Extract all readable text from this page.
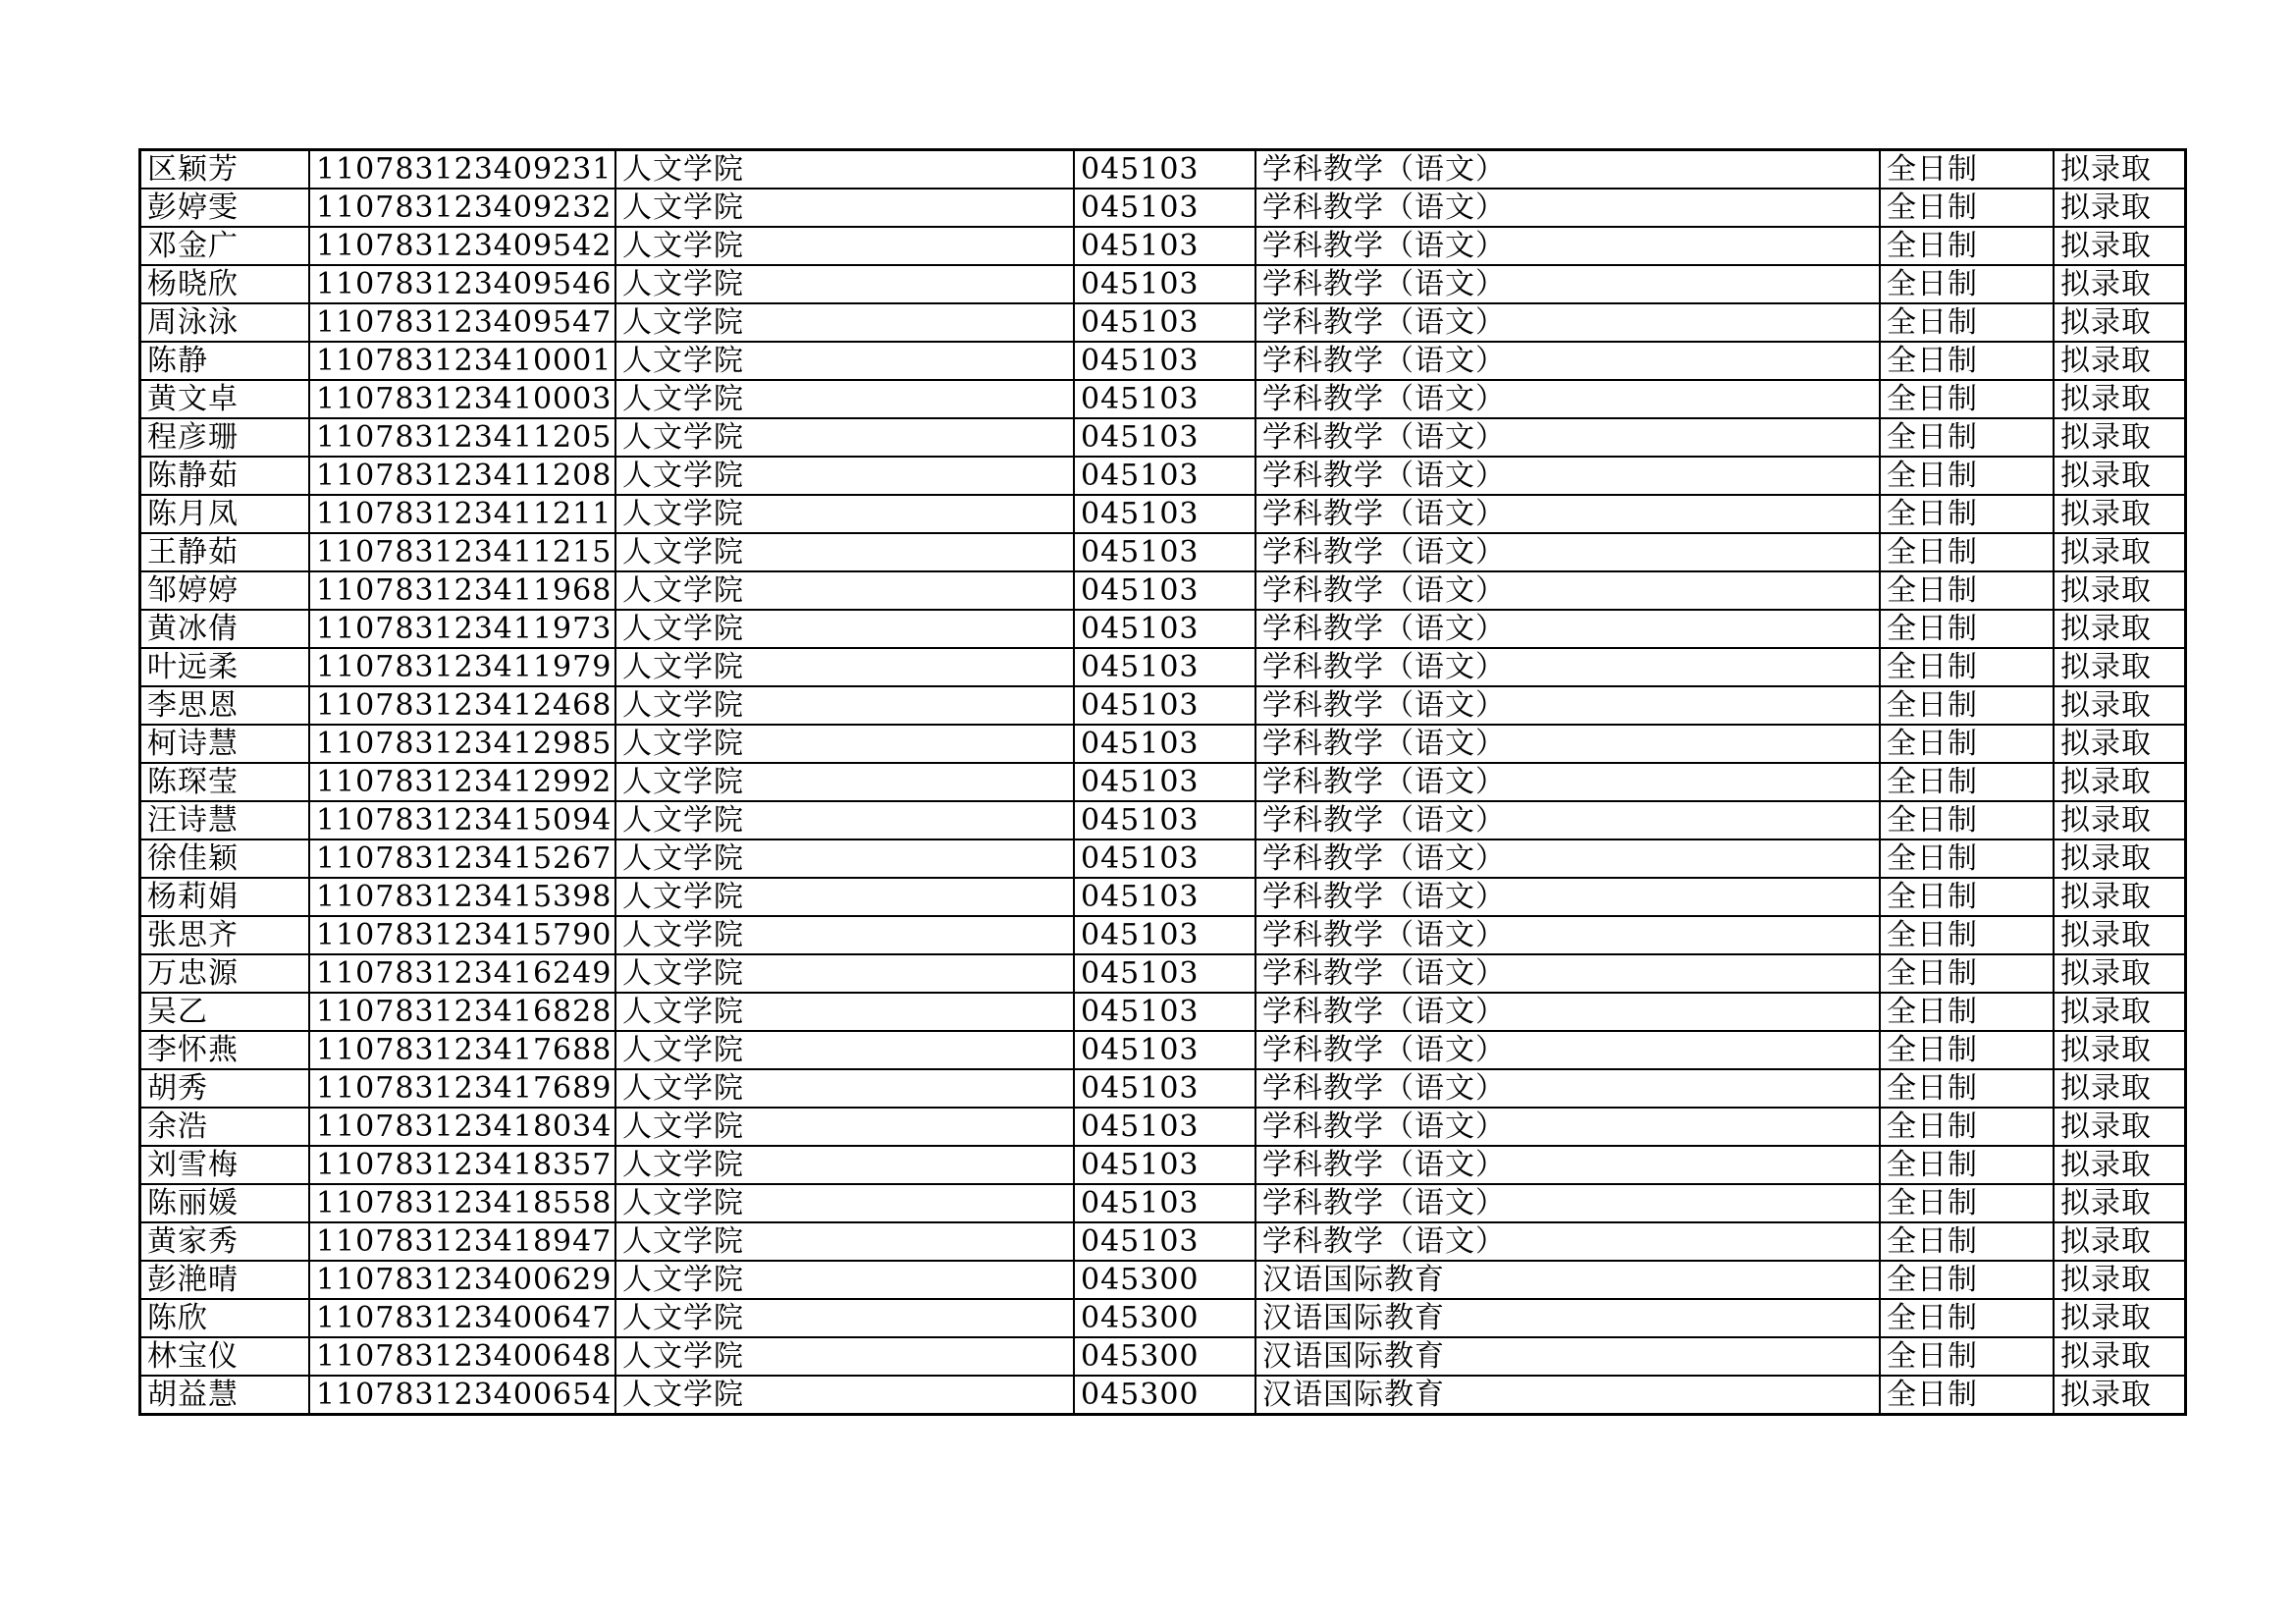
区颖芳	110783123409231	人文学院	045103	学科教学（语文）	全日制	拟录取
彭婷雯	110783123409232	人文学院	045103	学科教学（语文）	全日制	拟录取
邓金广	110783123409542	人文学院	045103	学科教学（语文）	全日制	拟录取
杨晓欣	110783123409546	人文学院	045103	学科教学（语文）	全日制	拟录取
周泳泳	110783123409547	人文学院	045103	学科教学（语文）	全日制	拟录取
陈静	110783123410001	人文学院	045103	学科教学（语文）	全日制	拟录取
黄文卓	110783123410003	人文学院	045103	学科教学（语文）	全日制	拟录取
程彦珊	110783123411205	人文学院	045103	学科教学（语文）	全日制	拟录取
陈静茹	110783123411208	人文学院	045103	学科教学（语文）	全日制	拟录取
陈月凤	110783123411211	人文学院	045103	学科教学（语文）	全日制	拟录取
王静茹	110783123411215	人文学院	045103	学科教学（语文）	全日制	拟录取
邹婷婷	110783123411968	人文学院	045103	学科教学（语文）	全日制	拟录取
黄冰倩	110783123411973	人文学院	045103	学科教学（语文）	全日制	拟录取
叶远柔	110783123411979	人文学院	045103	学科教学（语文）	全日制	拟录取
李思恩	110783123412468	人文学院	045103	学科教学（语文）	全日制	拟录取
柯诗慧	110783123412985	人文学院	045103	学科教学（语文）	全日制	拟录取
陈琛莹	110783123412992	人文学院	045103	学科教学（语文）	全日制	拟录取
汪诗慧	110783123415094	人文学院	045103	学科教学（语文）	全日制	拟录取
徐佳颖	110783123415267	人文学院	045103	学科教学（语文）	全日制	拟录取
杨莉娟	110783123415398	人文学院	045103	学科教学（语文）	全日制	拟录取
张思齐	110783123415790	人文学院	045103	学科教学（语文）	全日制	拟录取
万忠源	110783123416249	人文学院	045103	学科教学（语文）	全日制	拟录取
吴乙	110783123416828	人文学院	045103	学科教学（语文）	全日制	拟录取
李怀燕	110783123417688	人文学院	045103	学科教学（语文）	全日制	拟录取
胡秀	110783123417689	人文学院	045103	学科教学（语文）	全日制	拟录取
余浩	110783123418034	人文学院	045103	学科教学（语文）	全日制	拟录取
刘雪梅	110783123418357	人文学院	045103	学科教学（语文）	全日制	拟录取
陈丽媛	110783123418558	人文学院	045103	学科教学（语文）	全日制	拟录取
黄家秀	110783123418947	人文学院	045103	学科教学（语文）	全日制	拟录取
彭滟晴	110783123400629	人文学院	045300	汉语国际教育	全日制	拟录取
陈欣	110783123400647	人文学院	045300	汉语国际教育	全日制	拟录取
林宝仪	110783123400648	人文学院	045300	汉语国际教育	全日制	拟录取
胡益慧	110783123400654	人文学院	045300	汉语国际教育	全日制	拟录取
